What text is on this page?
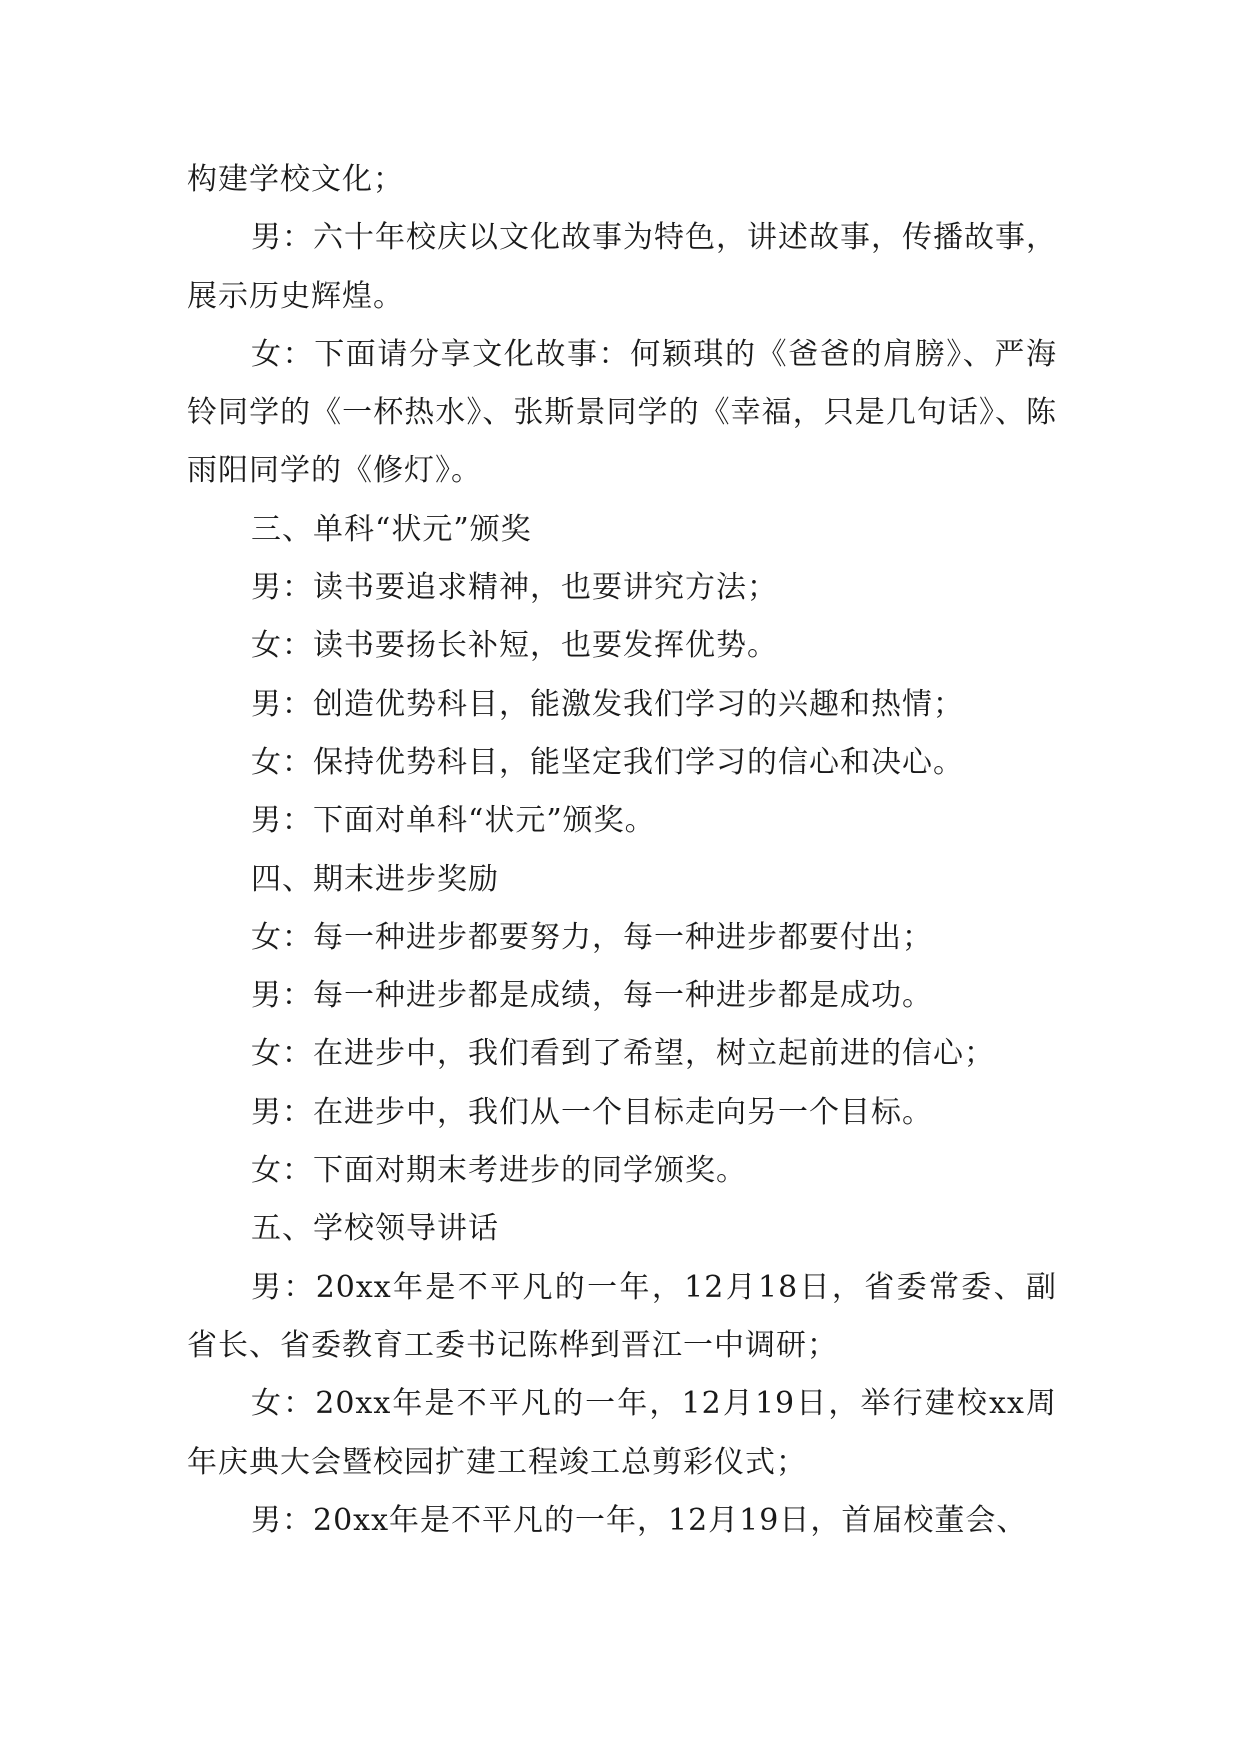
构建学校文化；

男：六十年校庆以文化故事为特色，讲述故事，传播故事，展示历史辉煌。

女：下面请分享文化故事：何颖琪的《爸爸的肩膀》、严海铃同学的《一杯热水》、张斯景同学的《幸福，只是几句话》、陈雨阳同学的《修灯》。

三、单科“状元”颁奖

男：读书要追求精神，也要讲究方法；

女：读书要扬长补短，也要发挥优势。

男：创造优势科目，能激发我们学习的兴趣和热情；

女：保持优势科目，能坚定我们学习的信心和决心。

男：下面对单科“状元”颁奖。

四、期末进步奖励

女：每一种进步都要努力，每一种进步都要付出；

男：每一种进步都是成绩，每一种进步都是成功。

女：在进步中，我们看到了希望，树立起前进的信心；

男：在进步中，我们从一个目标走向另一个目标。

女：下面对期末考进步的同学颁奖。

五、学校领导讲话

男：20xx年是不平凡的一年，12月18日，省委常委、副省长、省委教育工委书记陈桦到晋江一中调研；

女：20xx年是不平凡的一年，12月19日，举行建校xx周年庆典大会暨校园扩建工程竣工总剪彩仪式；

男：20xx年是不平凡的一年，12月19日，首届校董会、
